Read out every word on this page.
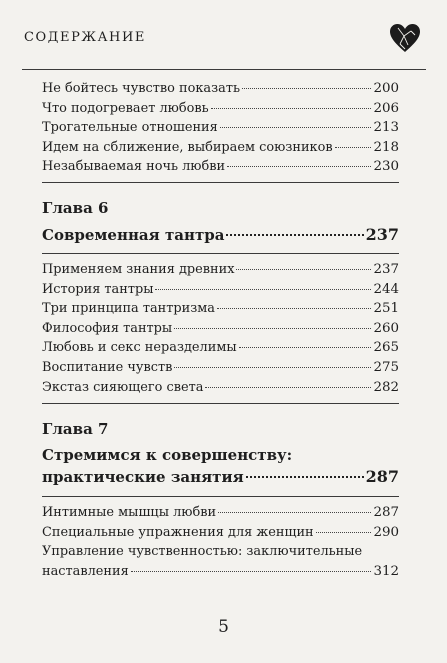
СОДЕРЖАНИЕ
Не бойтесь чувство показать	200
Что подогревает любовь	206
Трогательные отношения	213
Идем на сближение, выбираем союзников	218
Незабываемая ночь любви	230
Глава 6
Современная тантра	237
Применяем знания древних	237
История тантры	244
Три принципа тантризма	251
Философия тантры	260
Любовь и секс неразделимы	265
Воспитание чувств	275
Экстаз сияющего света	282
Глава 7
Стремимся к совершенству:
практические занятия	287
Интимные мышцы любви	287
Специальные упражнения для женщин	290
Управление чувственностью: заключительные
наставления	312
5
